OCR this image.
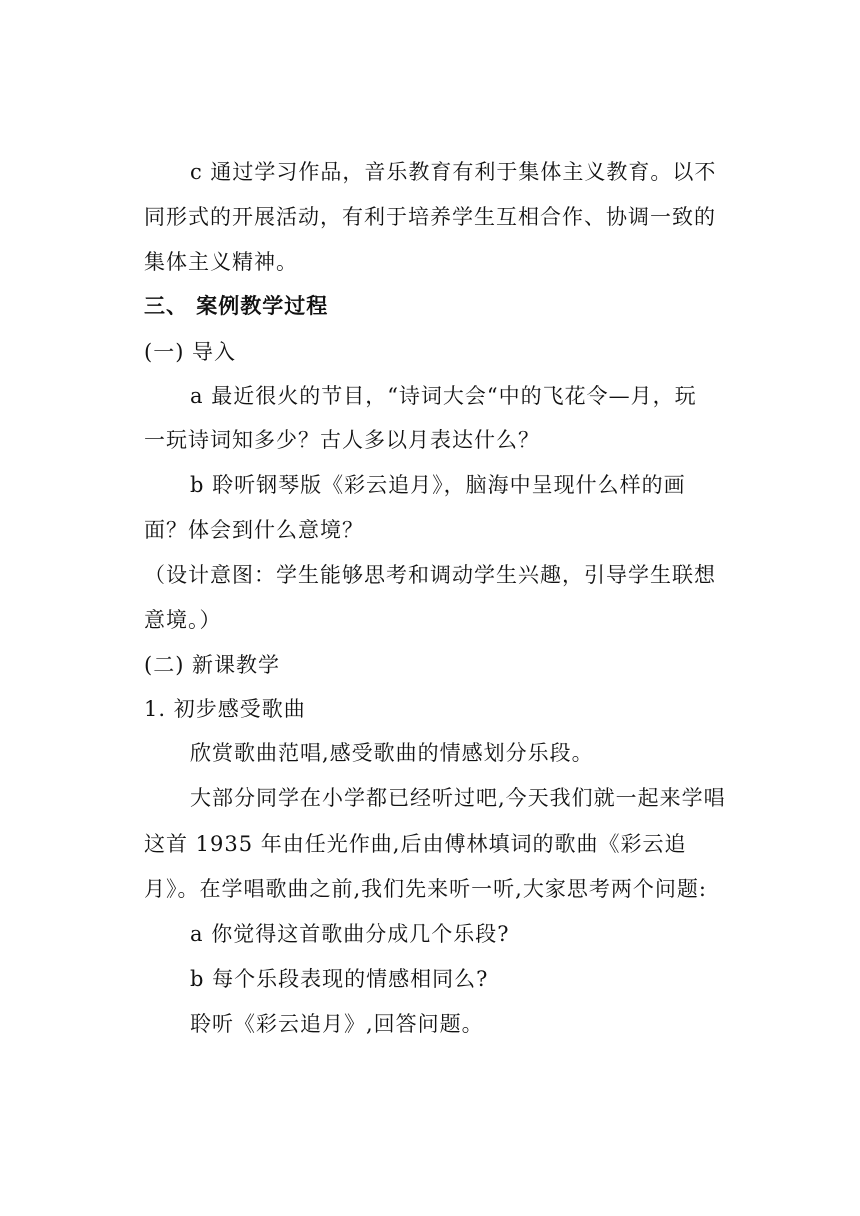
c 通过学习作品，音乐教育有利于集体主义教育。以不
同形式的开展活动，有利于培养学生互相合作、协调一致的
集体主义精神。
三、 案例教学过程
(一) 导入
a 最近很火的节目，“诗词大会“中的飞花令—月，玩
一玩诗词知多少？古人多以月表达什么？
b 聆听钢琴版《彩云追月》，脑海中呈现什么样的画
面？体会到什么意境？
（设计意图：学生能够思考和调动学生兴趣，引导学生联想
意境。）
(二) 新课教学
1. 初步感受歌曲
欣赏歌曲范唱,感受歌曲的情感划分乐段。
大部分同学在小学都已经听过吧,今天我们就一起来学唱
这首 1935 年由任光作曲,后由傅林填词的歌曲《彩云追
月》。在学唱歌曲之前,我们先来听一听,大家思考两个问题:
a 你觉得这首歌曲分成几个乐段?
b 每个乐段表现的情感相同么?
聆听《彩云追月》,回答问题。
